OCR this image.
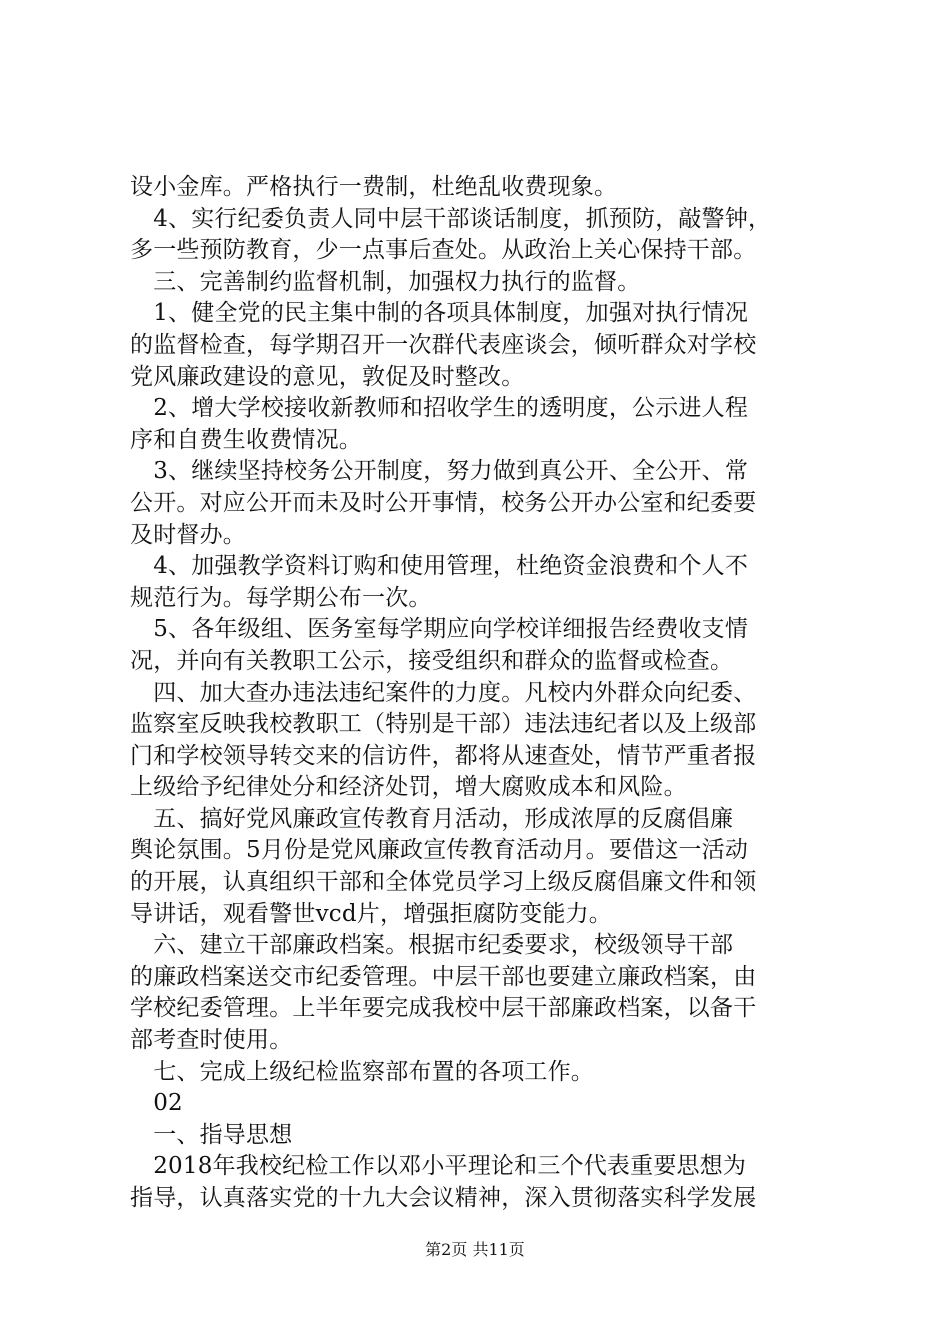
设小金库。严格执行一费制，杜绝乱收费现象。
　4、实行纪委负责人同中层干部谈话制度，抓预防，敲警钟，
多一些预防教育，少一点事后查处。从政治上关心保持干部。
　三、完善制约监督机制，加强权力执行的监督。
　1、健全党的民主集中制的各项具体制度，加强对执行情况
的监督检查，每学期召开一次群代表座谈会，倾听群众对学校
党风廉政建设的意见，敦促及时整改。
　2、增大学校接收新教师和招收学生的透明度，公示进人程
序和自费生收费情况。
　3、继续坚持校务公开制度，努力做到真公开、全公开、常
公开。对应公开而未及时公开事情，校务公开办公室和纪委要
及时督办。
　4、加强教学资料订购和使用管理，杜绝资金浪费和个人不
规范行为。每学期公布一次。
　5、各年级组、医务室每学期应向学校详细报告经费收支情
况，并向有关教职工公示，接受组织和群众的监督或检查。
　四、加大查办违法违纪案件的力度。凡校内外群众向纪委、
监察室反映我校教职工（特别是干部）违法违纪者以及上级部
门和学校领导转交来的信访件，都将从速查处，情节严重者报
上级给予纪律处分和经济处罚，增大腐败成本和风险。
　五、搞好党风廉政宣传教育月活动，形成浓厚的反腐倡廉
舆论氛围。5月份是党风廉政宣传教育活动月。要借这一活动
的开展，认真组织干部和全体党员学习上级反腐倡廉文件和领
导讲话，观看警世vcd片，增强拒腐防变能力。
　六、建立干部廉政档案。根据市纪委要求，校级领导干部
的廉政档案送交市纪委管理。中层干部也要建立廉政档案，由
学校纪委管理。上半年要完成我校中层干部廉政档案，以备干
部考查时使用。
　七、完成上级纪检监察部布置的各项工作。
　02
　一、指导思想
　2018年我校纪检工作以邓小平理论和三个代表重要思想为
指导，认真落实党的十九大会议精神，深入贯彻落实科学发展
第2页 共11页
